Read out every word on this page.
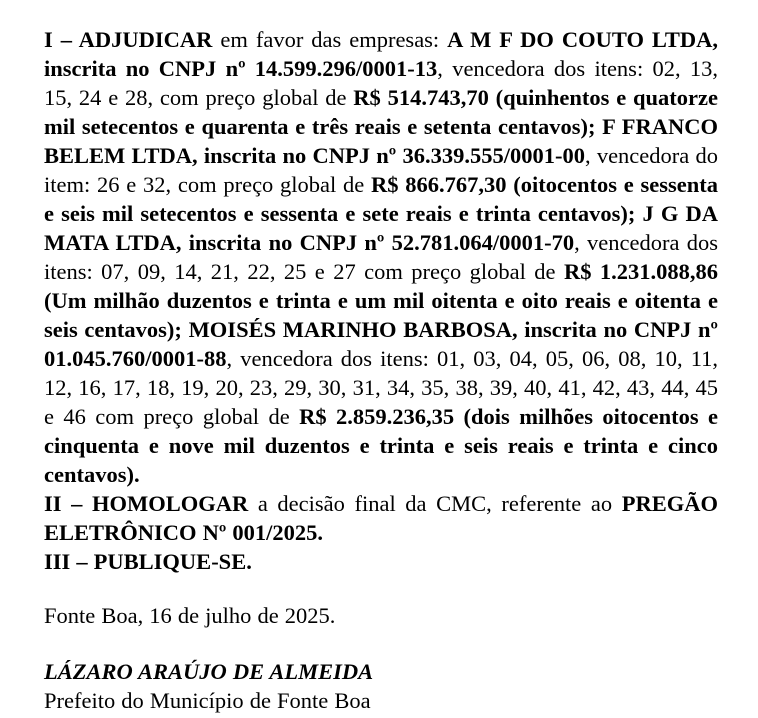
I – ADJUDICAR em favor das empresas: A M F DO COUTO LTDA, inscrita no CNPJ nº 14.599.296/0001-13, vencedora dos itens: 02, 13, 15, 24 e 28, com preço global de R$ 514.743,70 (quinhentos e quatorze mil setecentos e quarenta e três reais e setenta centavos); F FRANCO BELEM LTDA, inscrita no CNPJ nº 36.339.555/0001-00, vencedora do item: 26 e 32, com preço global de R$ 866.767,30 (oitocentos e sessenta e seis mil setecentos e sessenta e sete reais e trinta centavos); J G DA MATA LTDA, inscrita no CNPJ nº 52.781.064/0001-70, vencedora dos itens: 07, 09, 14, 21, 22, 25 e 27 com preço global de R$ 1.231.088,86 (Um milhão duzentos e trinta e um mil oitenta e oito reais e oitenta e seis centavos); MOISÉS MARINHO BARBOSA, inscrita no CNPJ nº 01.045.760/0001-88, vencedora dos itens: 01, 03, 04, 05, 06, 08, 10, 11, 12, 16, 17, 18, 19, 20, 23, 29, 30, 31, 34, 35, 38, 39, 40, 41, 42, 43, 44, 45 e 46 com preço global de R$ 2.859.236,35 (dois milhões oitocentos e cinquenta e nove mil duzentos e trinta e seis reais e trinta e cinco centavos).

II – HOMOLOGAR a decisão final da CMC, referente ao PREGÃO ELETRÔNICO Nº 001/2025.

III – PUBLIQUE-SE.

Fonte Boa, 16 de julho de 2025.

LÁZARO ARAÚJO DE ALMEIDA

Prefeito do Município de Fonte Boa
